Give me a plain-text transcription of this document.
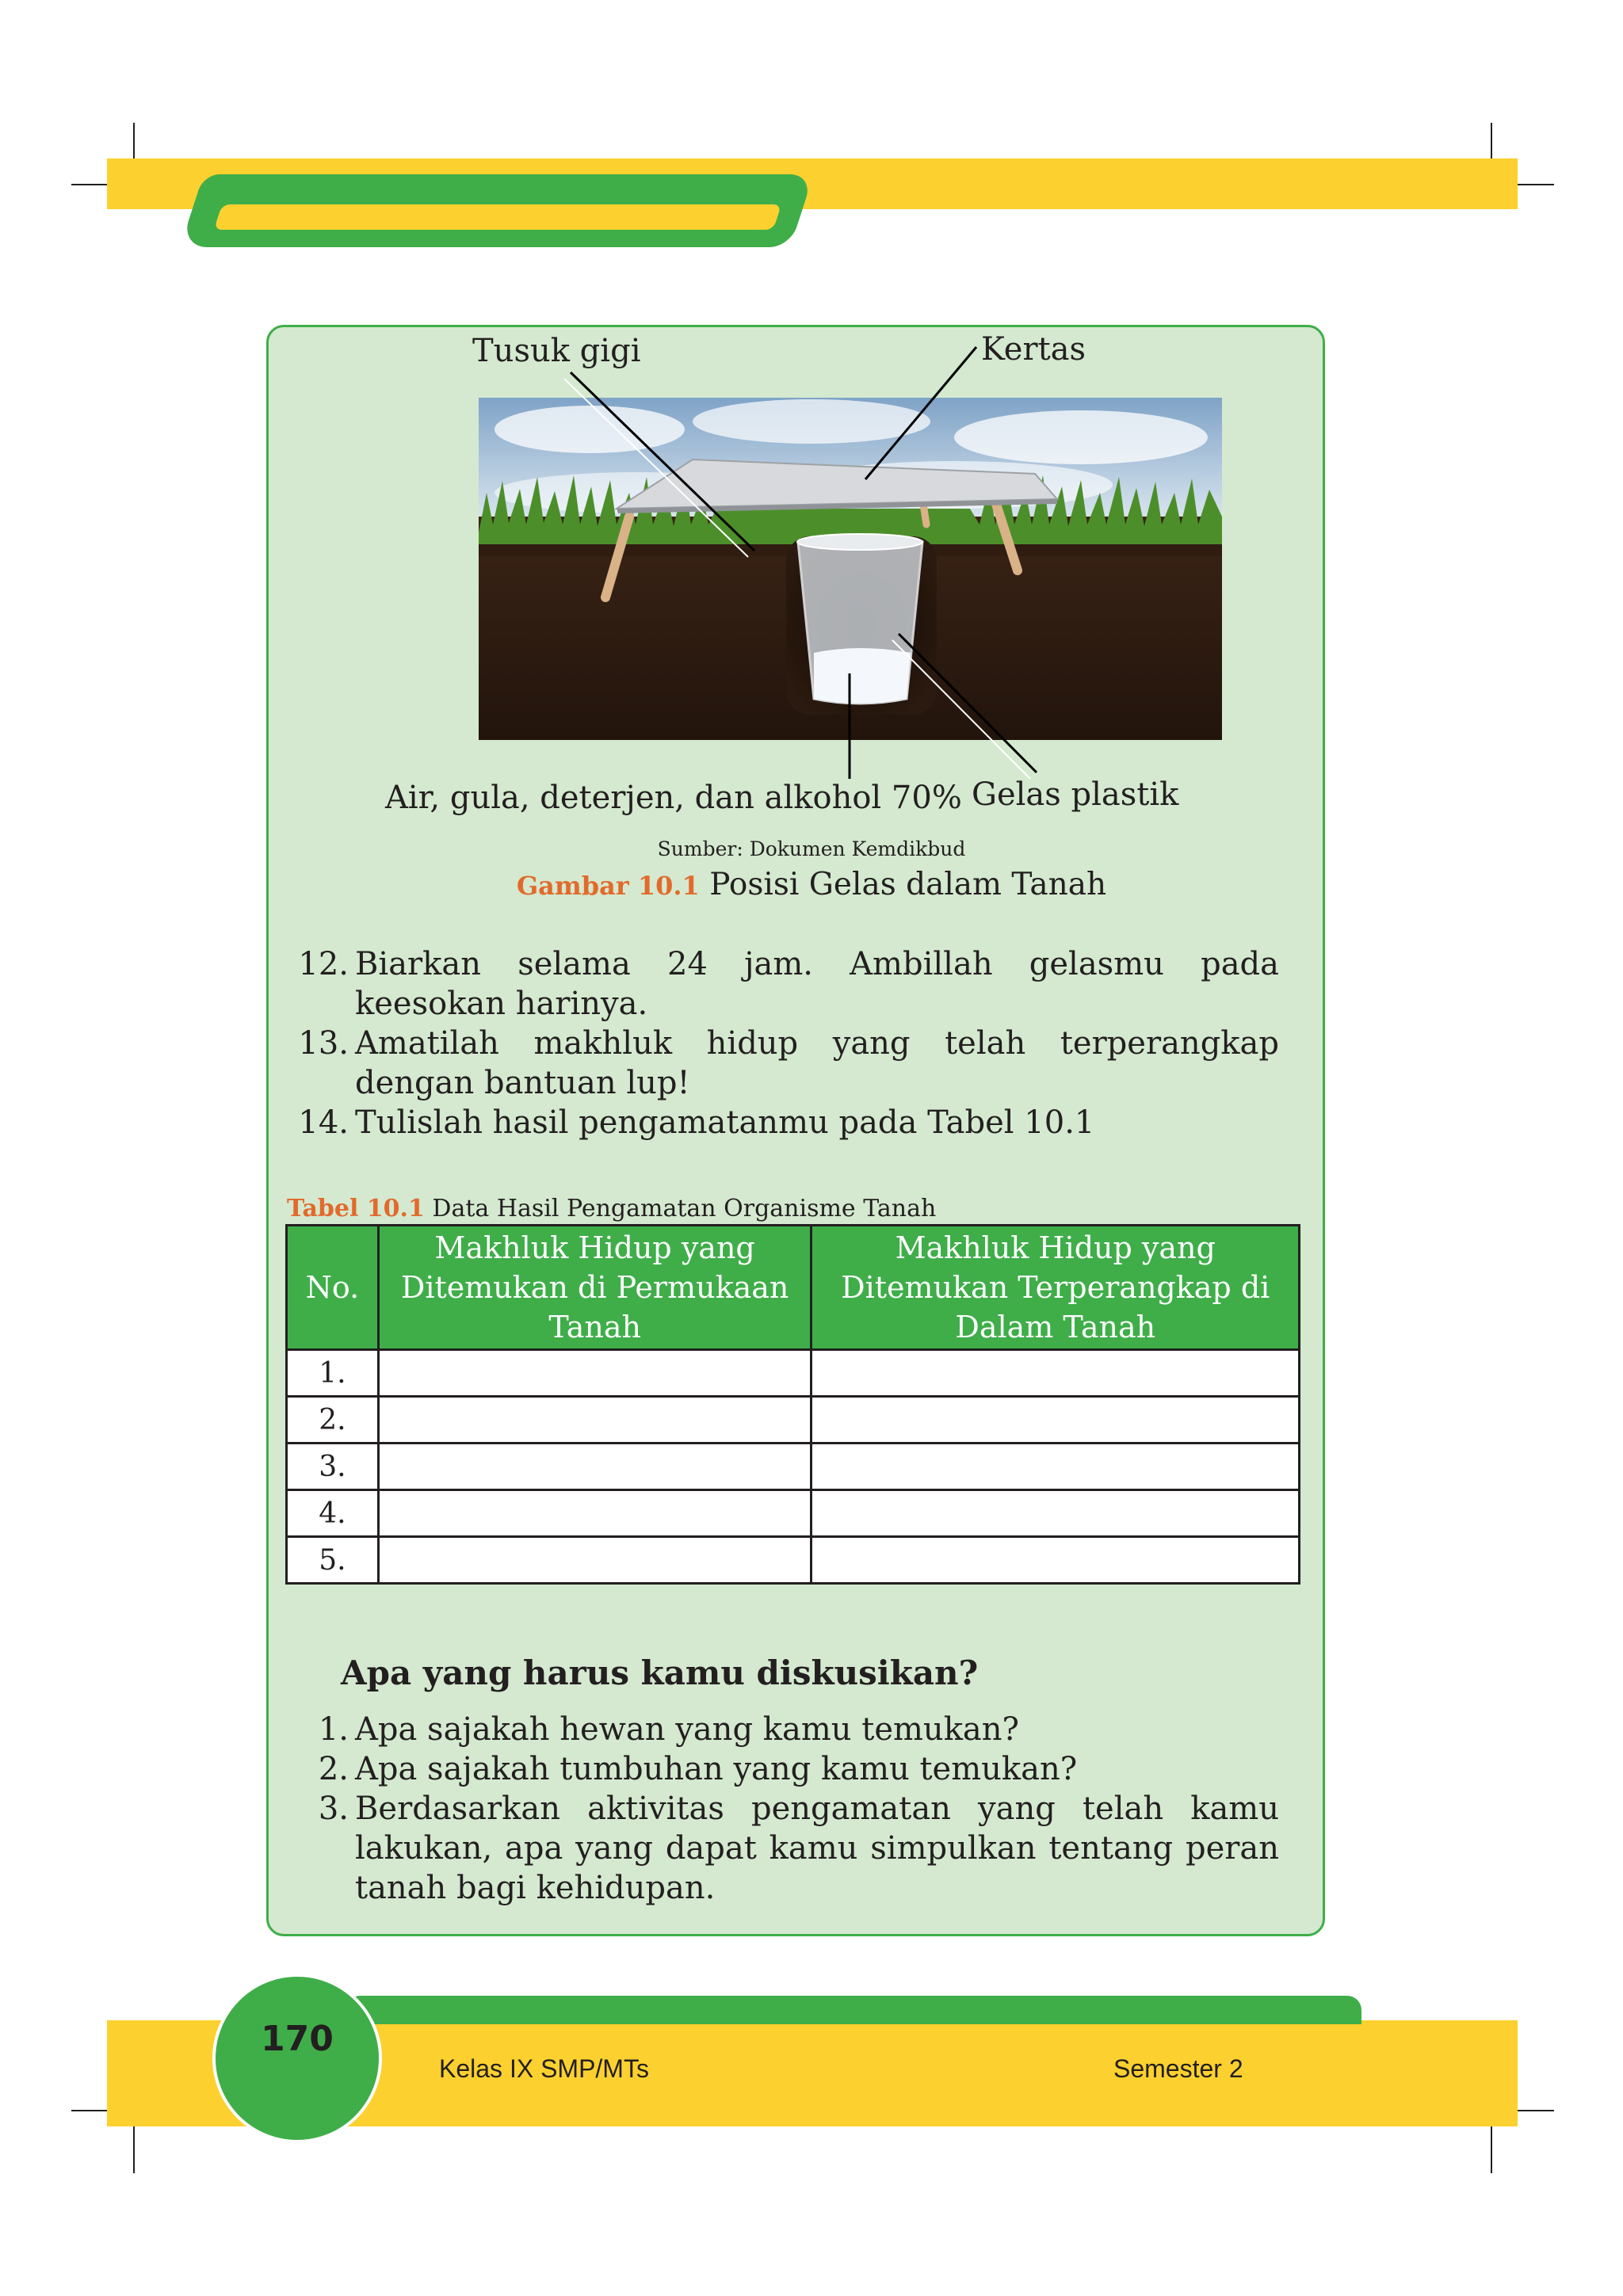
Tusuk gigi	Kertas
Air, gula, deterjen, dan alkohol 70% Gelas plastik
Sumber: Dokumen Kemdikbud
Gambar 10.1 Posisi Gelas dalam Tanah
12. Biarkan selama 24 jam. Ambillah gelasmu pada keesokan harinya.
13. Amatilah makhluk hidup yang telah terperangkap dengan bantuan lup!
14. Tulislah hasil pengamatanmu pada Tabel 10.1
Tabel 10.1 Data Hasil Pengamatan Organisme Tanah
No.	Makhluk Hidup yang Ditemukan di Permukaan Tanah	Makhluk Hidup yang Ditemukan Terperangkap di Dalam Tanah
1.		
2.		
3.		
4.		
5.		
Apa yang harus kamu diskusikan?
1. Apa sajakah hewan yang kamu temukan?
2. Apa sajakah tumbuhan yang kamu temukan?
3. Berdasarkan aktivitas pengamatan yang telah kamu lakukan, apa yang dapat kamu simpulkan tentang peran tanah bagi kehidupan.
170
Kelas IX SMP/MTs	Semester 2
